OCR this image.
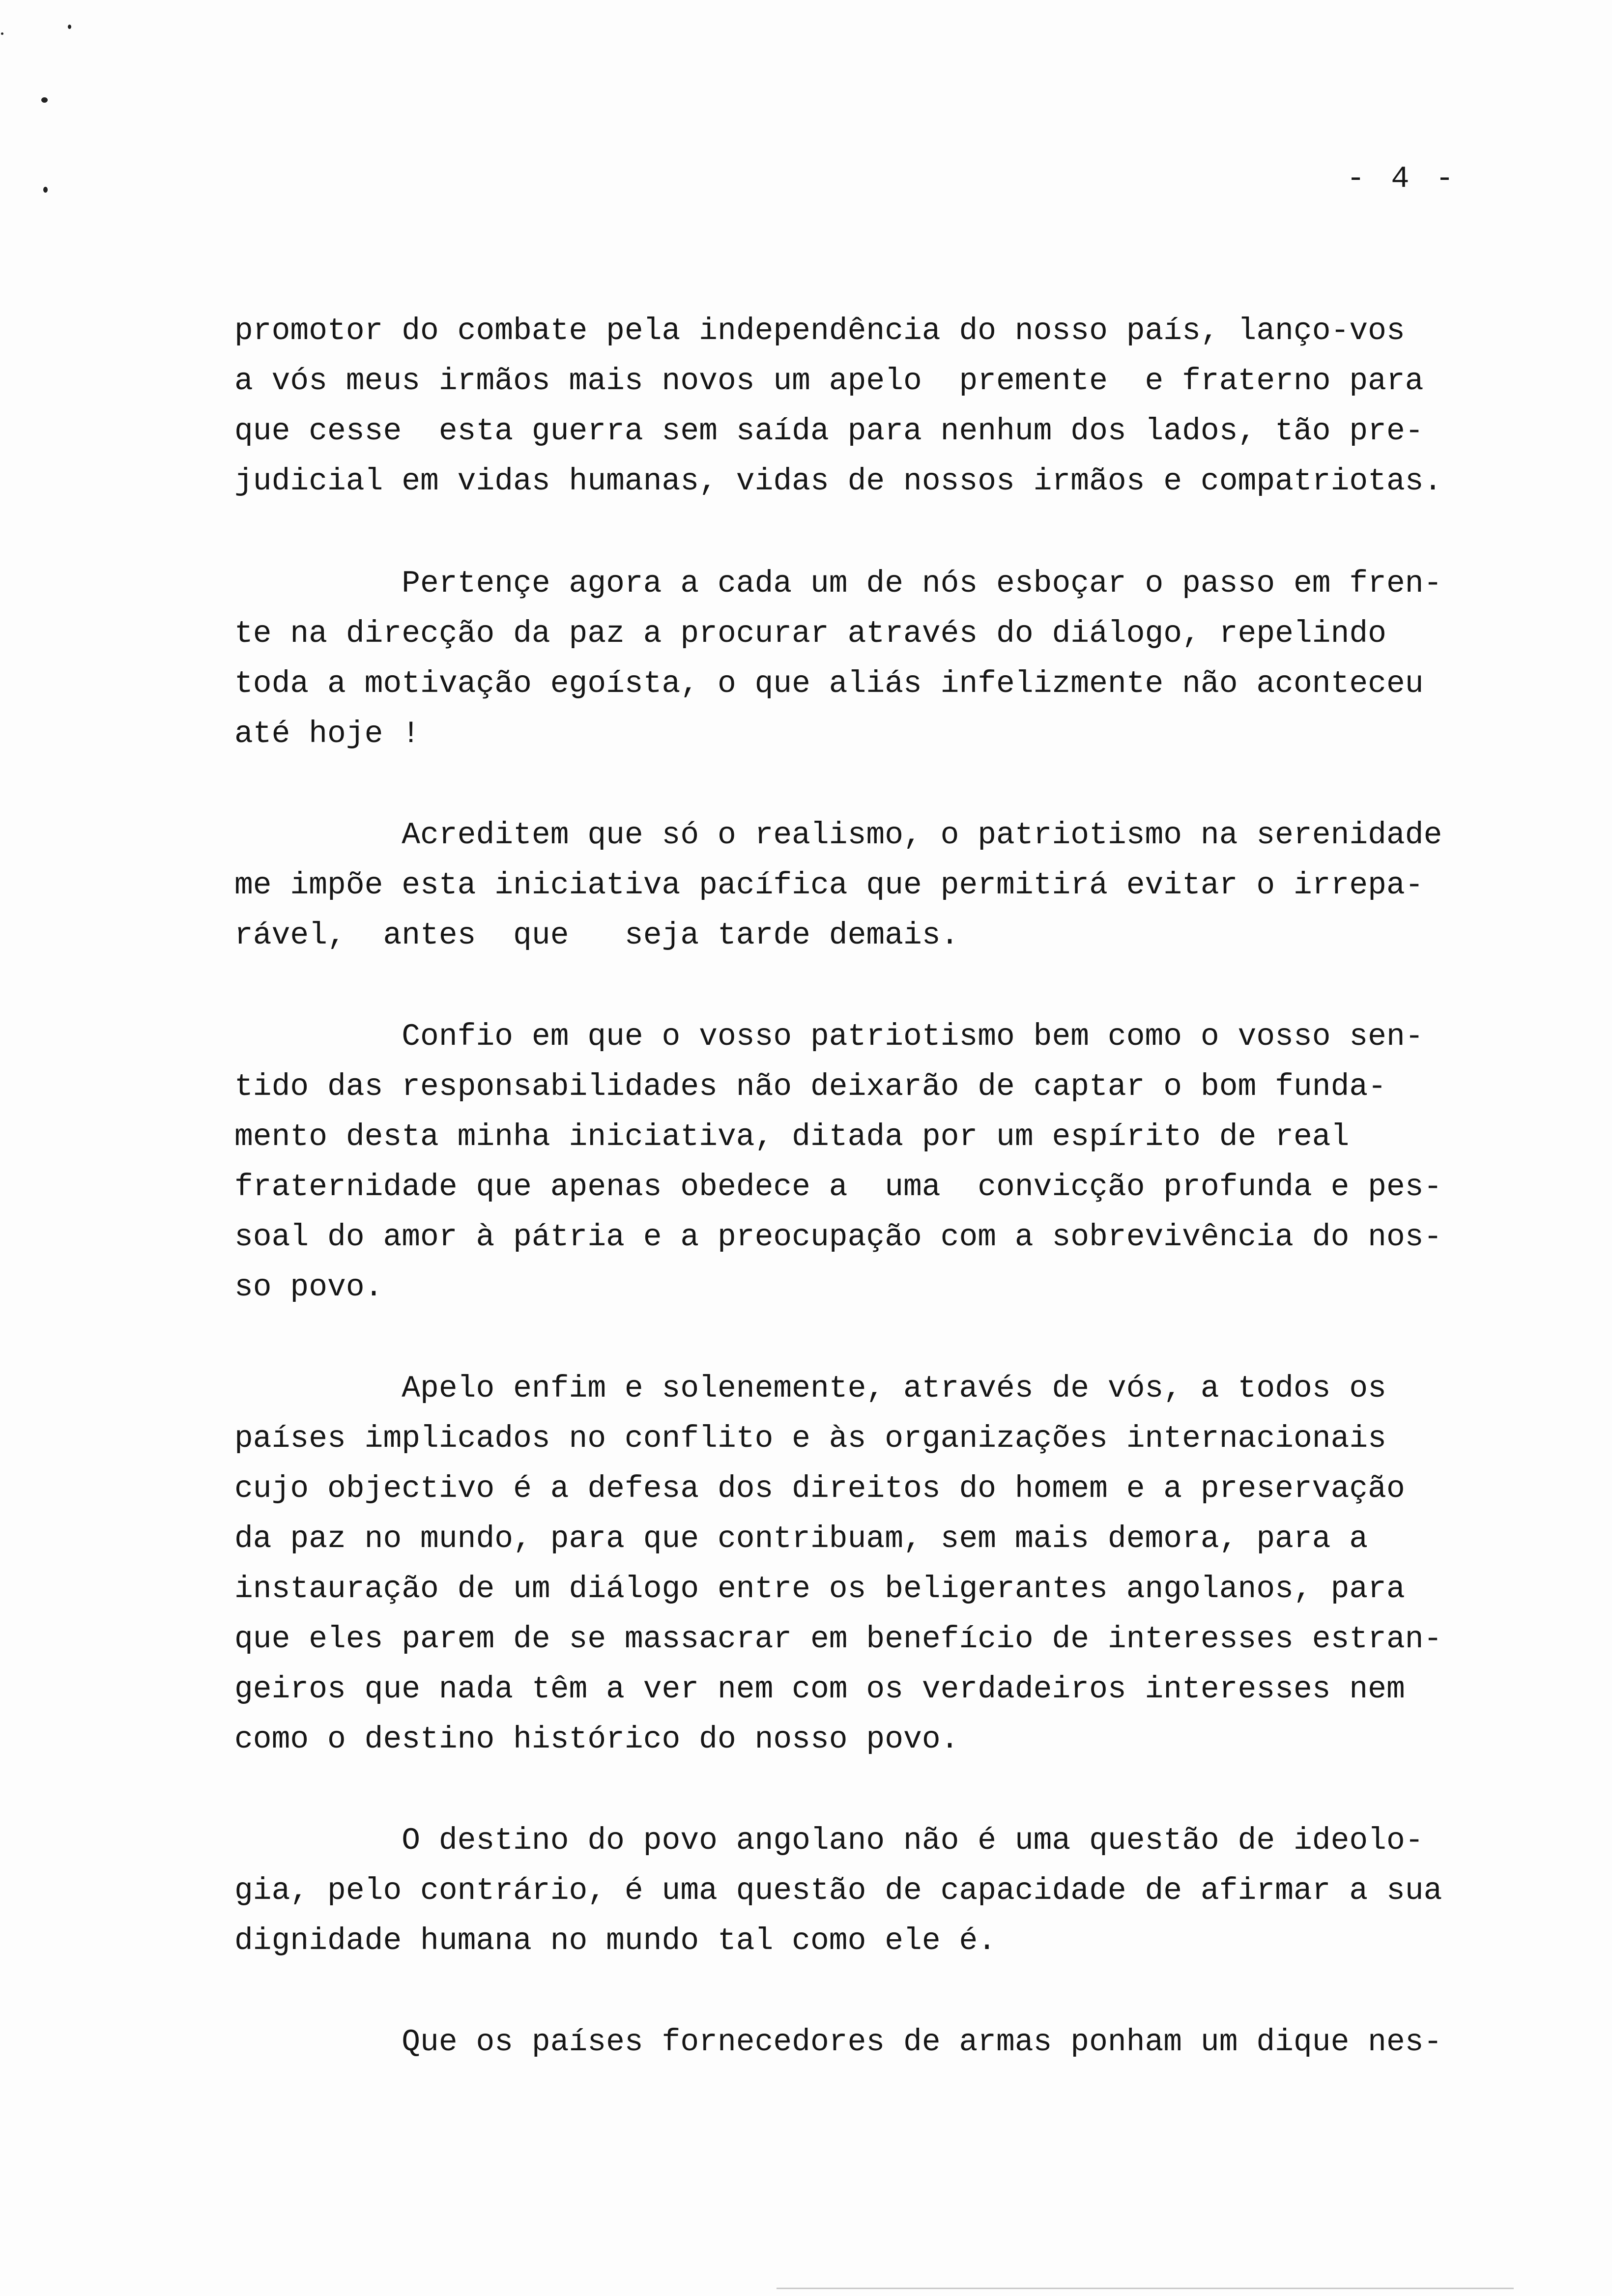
- 4 -
promotor do combate pela independência do nosso país, lanço-vos
a vós meus irmãos mais novos um apelo  premente  e fraterno para
que cesse  esta guerra sem saída para nenhum dos lados, tão pre-
judicial em vidas humanas, vidas de nossos irmãos e compatriotas.
Pertençe agora a cada um de nós esboçar o passo em fren-
te na direcção da paz a procurar através do diálogo, repelindo
toda a motivação egoísta, o que aliás infelizmente não aconteceu
até hoje !
Acreditem que só o realismo, o patriotismo na serenidade
me impõe esta iniciativa pacífica que permitirá evitar o irrepa-
rável,  antes  que   seja tarde demais.
Confio em que o vosso patriotismo bem como o vosso sen-
tido das responsabilidades não deixarão de captar o bom funda-
mento desta minha iniciativa, ditada por um espírito de real
fraternidade que apenas obedece a  uma  convicção profunda e pes-
soal do amor à pátria e a preocupação com a sobrevivência do nos-
so povo.
Apelo enfim e solenemente, através de vós, a todos os
países implicados no conflito e às organizações internacionais
cujo objectivo é a defesa dos direitos do homem e a preservação
da paz no mundo, para que contribuam, sem mais demora, para a
instauração de um diálogo entre os beligerantes angolanos, para
que eles parem de se massacrar em benefício de interesses estran-
geiros que nada têm a ver nem com os verdadeiros interesses nem
como o destino histórico do nosso povo.
O destino do povo angolano não é uma questão de ideolo-
gia, pelo contrário, é uma questão de capacidade de afirmar a sua
dignidade humana no mundo tal como ele é.
Que os países fornecedores de armas ponham um dique nes-
